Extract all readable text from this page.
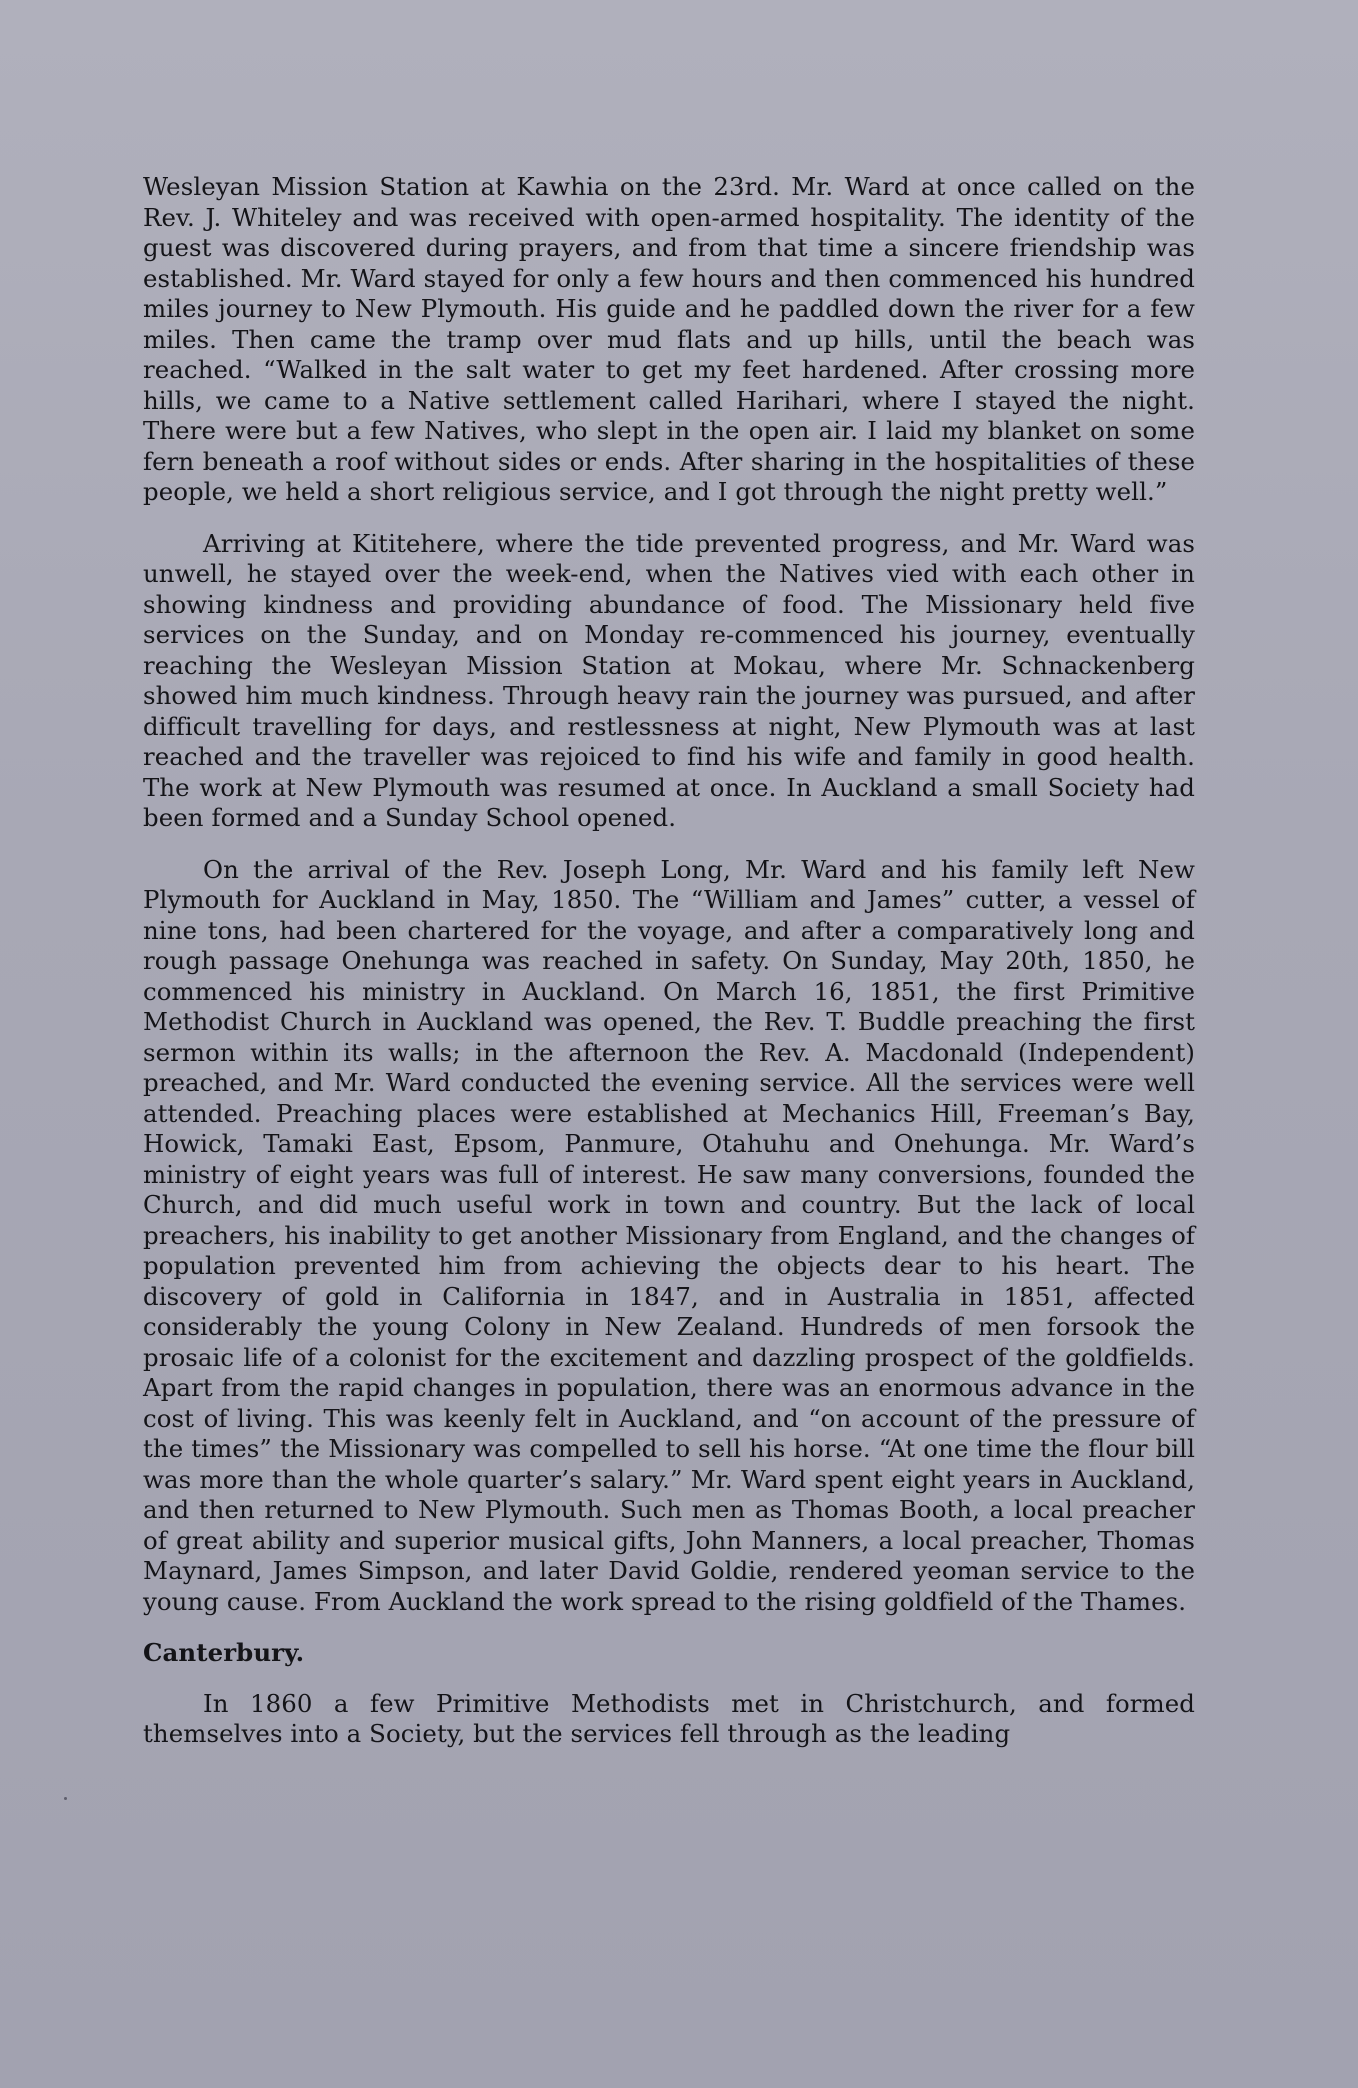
Wesleyan Mission Station at Kawhia on the 23rd. Mr. Ward at once called on the Rev. J. Whiteley and was received with open-armed hospitality. The identity of the guest was discovered during prayers, and from that time a sincere friendship was established. Mr. Ward stayed for only a few hours and then commenced his hundred miles journey to New Plymouth. His guide and he paddled down the river for a few miles. Then came the tramp over mud flats and up hills, until the beach was reached. “Walked in the salt water to get my feet hardened. After crossing more hills, we came to a Native settlement called Harihari, where I stayed the night. There were but a few Natives, who slept in the open air. I laid my blanket on some fern beneath a roof without sides or ends. After sharing in the hospitalities of these people, we held a short religious service, and I got through the night pretty well.”

Arriving at Kititehere, where the tide prevented progress, and Mr. Ward was unwell, he stayed over the week-end, when the Natives vied with each other in showing kindness and providing abundance of food. The Missionary held five services on the Sunday, and on Monday re-commenced his journey, eventually reaching the Wesleyan Mission Station at Mokau, where Mr. Schnackenberg showed him much kindness. Through heavy rain the journey was pursued, and after difficult travelling for days, and restlessness at night, New Plymouth was at last reached and the traveller was rejoiced to find his wife and family in good health. The work at New Plymouth was resumed at once. In Auckland a small Society had been formed and a Sunday School opened.

On the arrival of the Rev. Joseph Long, Mr. Ward and his family left New Plymouth for Auckland in May, 1850. The “William and James” cutter, a vessel of nine tons, had been chartered for the voyage, and after a comparatively long and rough passage Onehunga was reached in safety. On Sunday, May 20th, 1850, he commenced his ministry in Auckland. On March 16, 1851, the first Primitive Methodist Church in Auckland was opened, the Rev. T. Buddle preaching the first sermon within its walls; in the afternoon the Rev. A. Macdonald (Independent) preached, and Mr. Ward conducted the evening service. All the services were well attended. Preaching places were established at Mechanics Hill, Freeman’s Bay, Howick, Tamaki East, Epsom, Panmure, Otahuhu and Onehunga. Mr. Ward’s ministry of eight years was full of interest. He saw many conversions, founded the Church, and did much useful work in town and country. But the lack of local preachers, his inability to get another Missionary from England, and the changes of population prevented him from achieving the objects dear to his heart. The discovery of gold in California in 1847, and in Australia in 1851, affected considerably the young Colony in New Zealand. Hundreds of men forsook the prosaic life of a colonist for the excitement and dazzling prospect of the goldfields. Apart from the rapid changes in population, there was an enormous advance in the cost of living. This was keenly felt in Auckland, and “on account of the pressure of the times” the Missionary was compelled to sell his horse. “At one time the flour bill was more than the whole quarter’s salary.” Mr. Ward spent eight years in Auckland, and then returned to New Plymouth. Such men as Thomas Booth, a local preacher of great ability and superior musical gifts, John Manners, a local preacher, Thomas Maynard, James Simpson, and later David Goldie, rendered yeoman service to the young cause. From Auckland the work spread to the rising goldfield of the Thames.

Canterbury.

In 1860 a few Primitive Methodists met in Christchurch, and formed themselves into a Society, but the services fell through as the leading
